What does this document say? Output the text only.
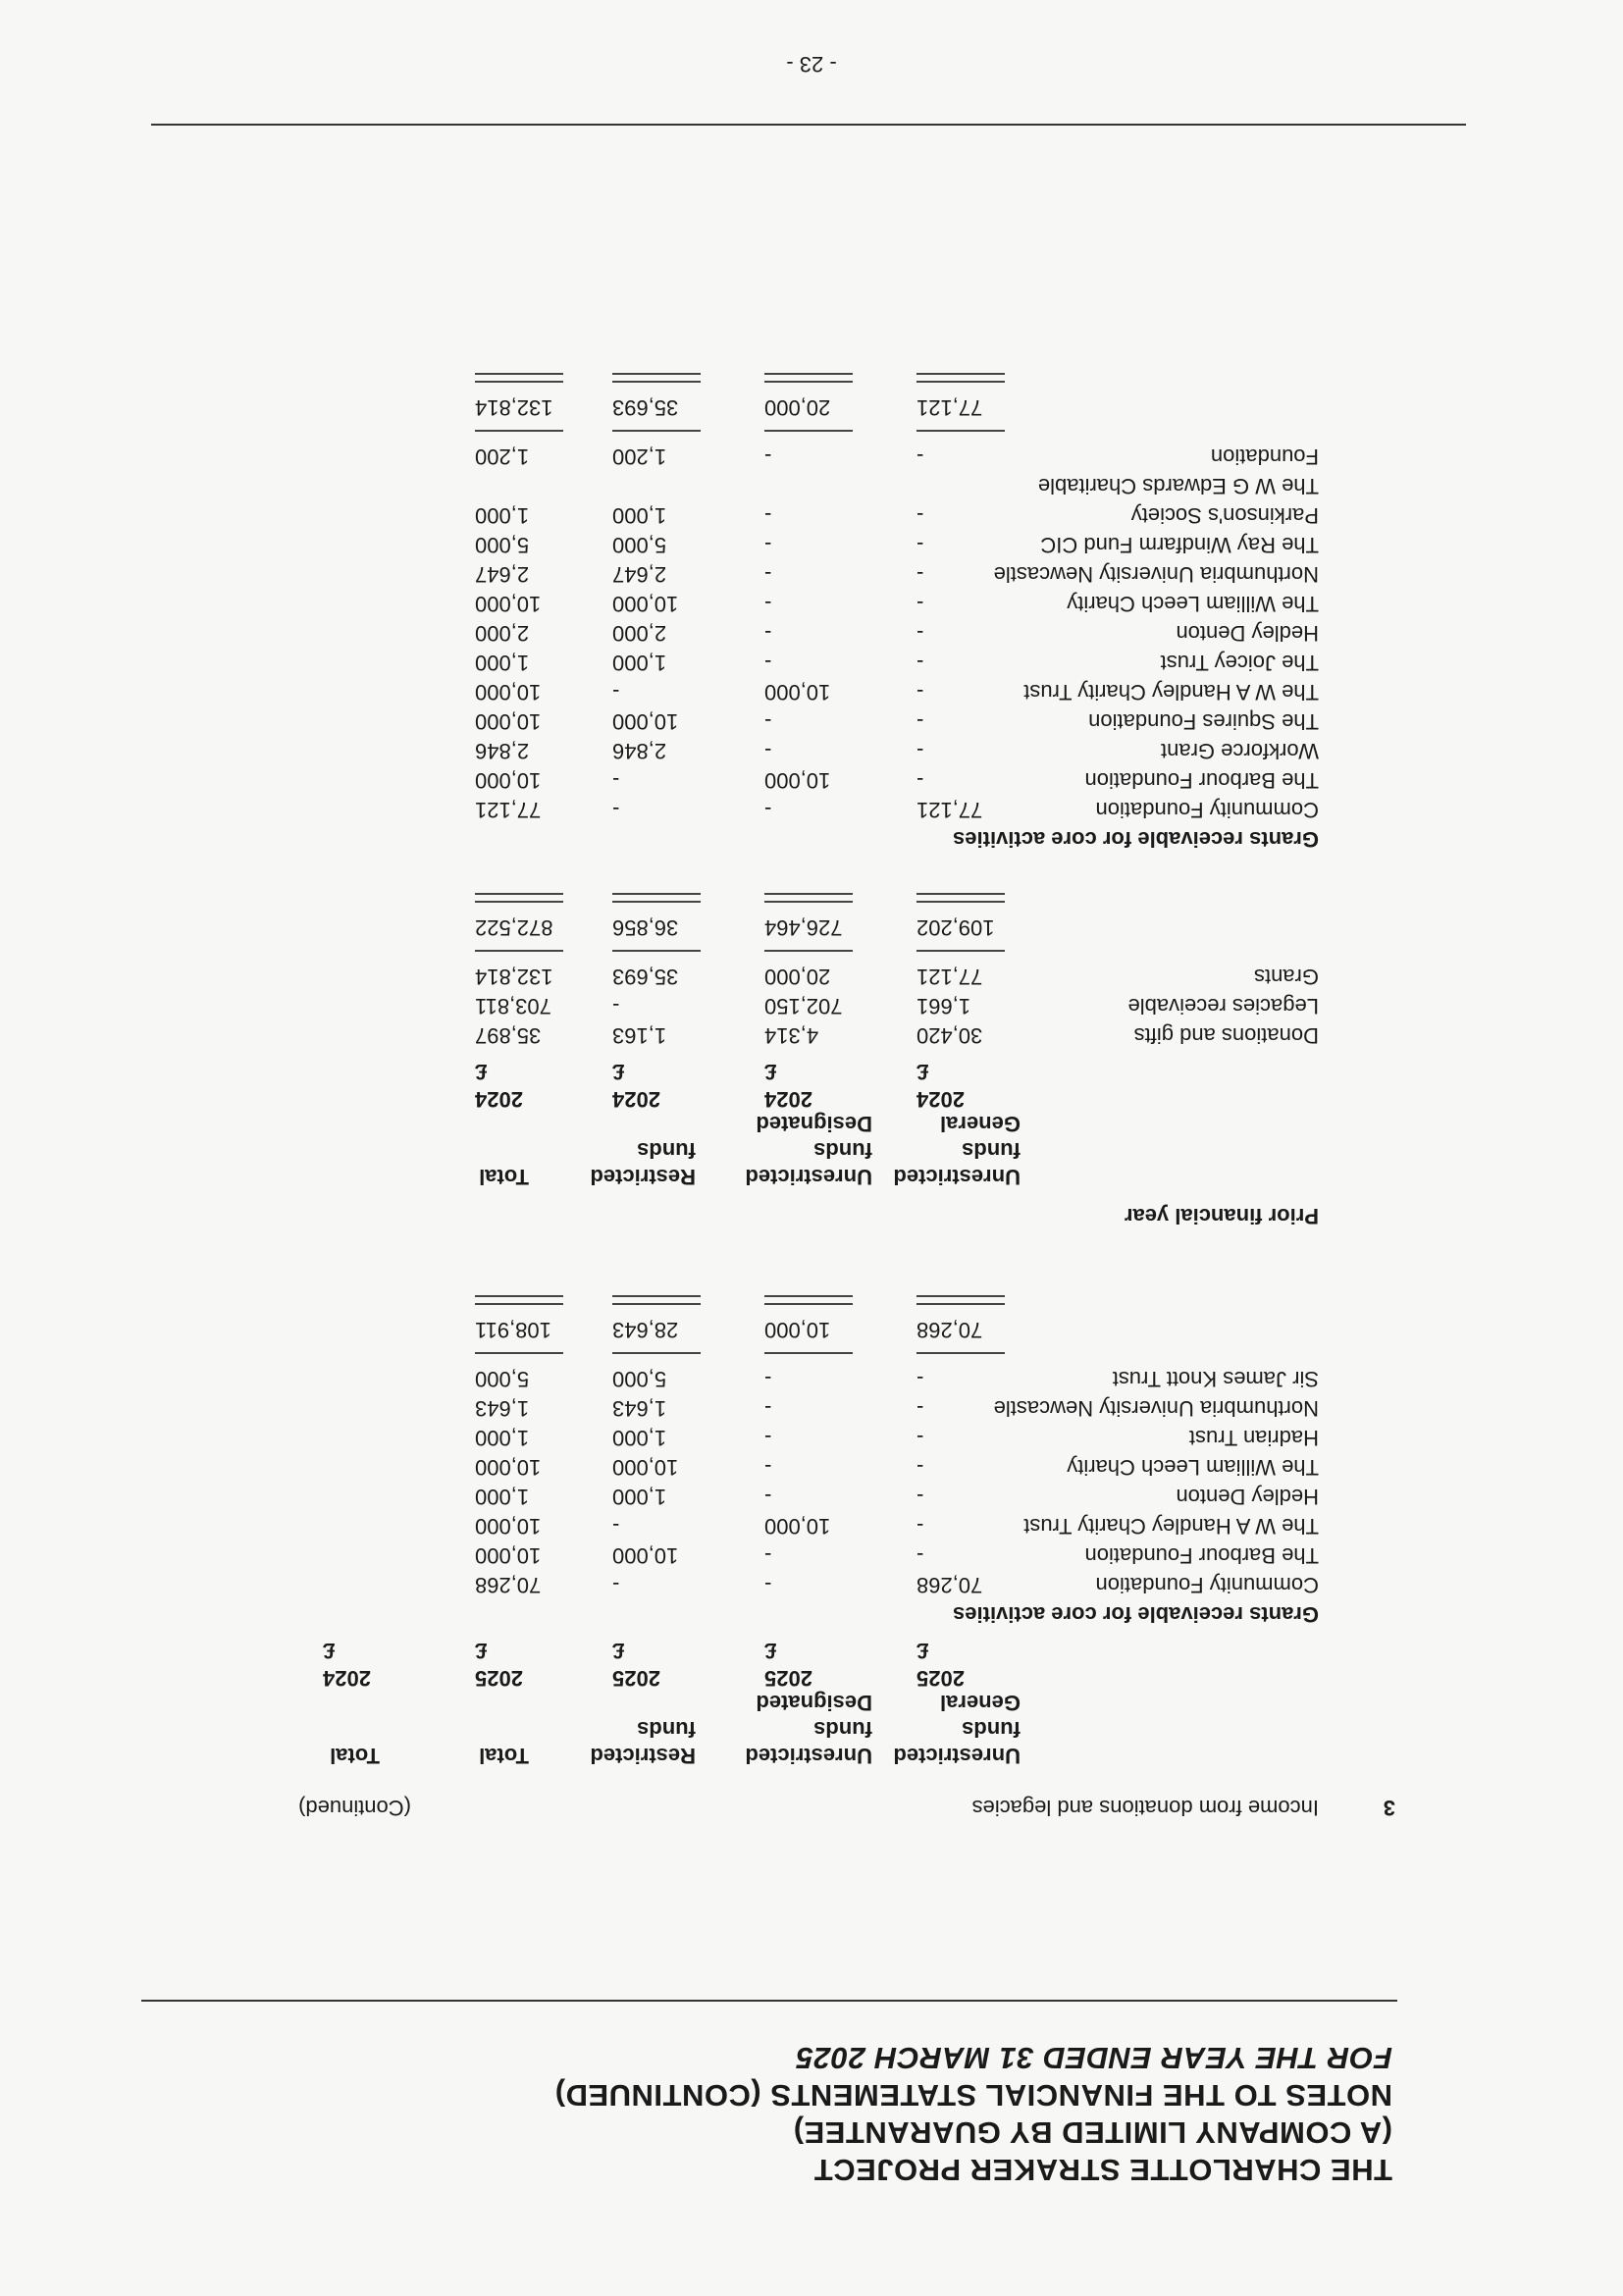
THE CHARLOTTE STRAKER PROJECT
(A COMPANY LIMITED BY GUARANTEE)
NOTES TO THE FINANCIAL STATEMENTS (CONTINUED)
FOR THE YEAR ENDED 31 MARCH 2025
3
Income from donations and legacies
(Continued)
Unrestricted
funds
General
Unrestricted
funds
Designated
Restricted
funds
Total
Total
2025
2025
2025
2025
2024
£
£
£
£
£
Grants receivable for core activities
Community Foundation
70,268
-
-
70,268
The Barbour Foundation
-
-
10,000
10,000
The W A Handley Charity Trust
-
10,000
-
10,000
Hedley Denton
-
-
1,000
1,000
The William Leech Charity
-
-
10,000
10,000
Hadrian Trust
-
-
1,000
1,000
Northumbria University Newcastle
-
-
1,643
1,643
Sir James Knott Trust
-
-
5,000
5,000
70,268
10,000
28,643
108,911
Prior financial year
Unrestricted
funds
General
Unrestricted
funds
Designated
Restricted
funds
Total
2024
2024
2024
2024
£
£
£
£
Donations and gifts
30,420
4,314
1,163
35,897
Legacies receivable
1,661
702,150
-
703,811
Grants
77,121
20,000
35,693
132,814
109,202
726,464
36,856
872,522
Grants receivable for core activities
Community Foundation
77,121
-
-
77,121
The Barbour Foundation
-
10,000
-
10,000
Workforce Grant
-
-
2,846
2,846
The Squires Foundation
-
-
10,000
10,000
The W A Handley Charity Trust
-
10,000
-
10,000
The Joicey Trust
-
-
1,000
1,000
Hedley Denton
-
-
2,000
2,000
The William Leech Charity
-
-
10,000
10,000
Northumbria University Newcastle
-
-
2,647
2,647
The Ray Windfarm Fund CIC
-
-
5,000
5,000
Parkinson's Society
-
-
1,000
1,000
The W G Edwards Charitable
Foundation
-
-
1,200
1,200
77,121
20,000
35,693
132,814
- 23 -
